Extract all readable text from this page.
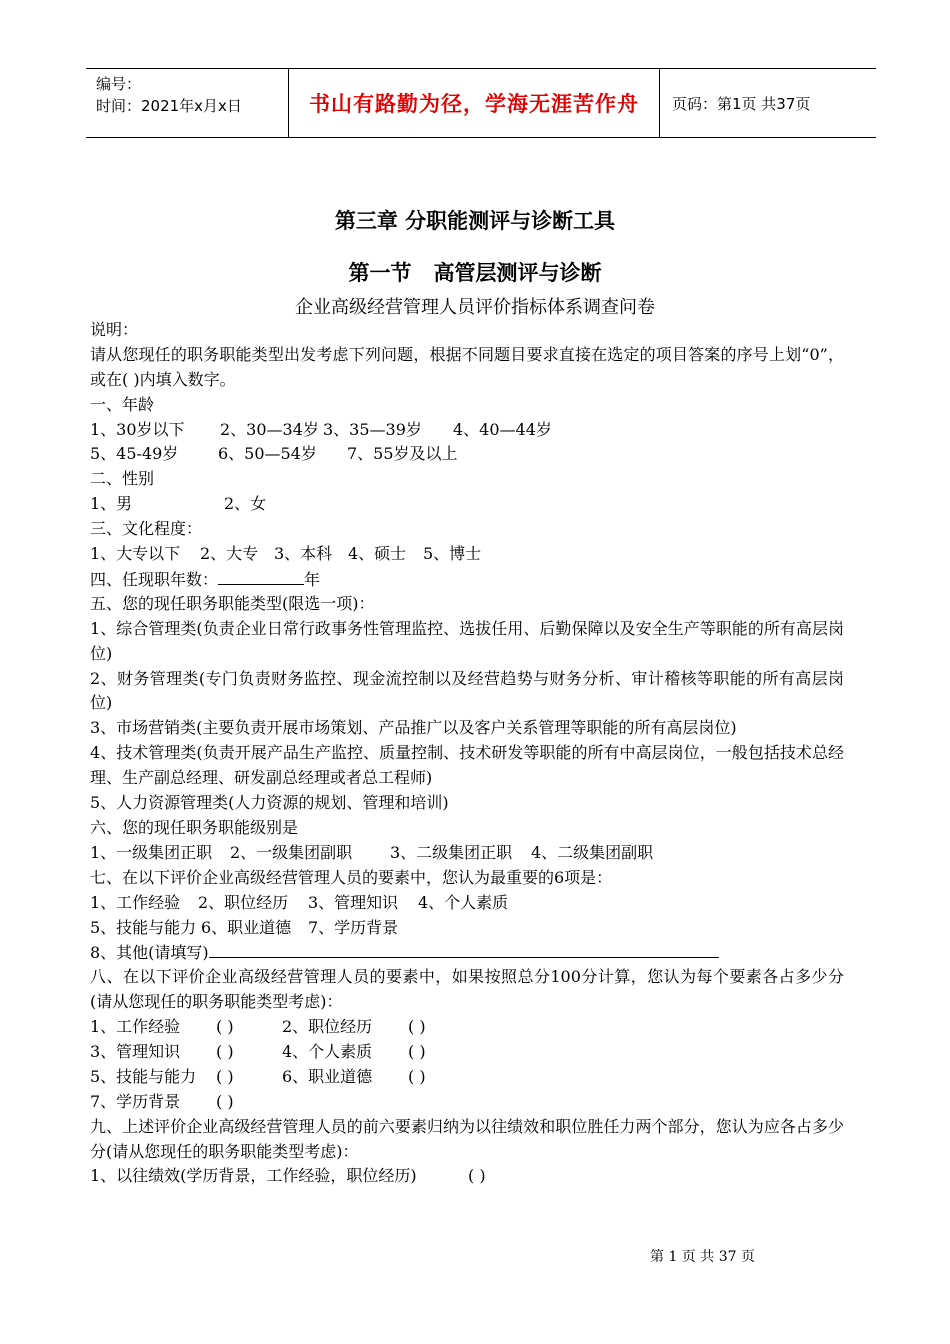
编号：
时间：2021年x月x日	书山有路勤为径，学海无涯苦作舟	页码：第1页 共37页
第三章 分职能测评与诊断工具
第一节 高管层测评与诊断
企业高级经营管理人员评价指标体系调查问卷
说明：
请从您现任的职务职能类型出发考虑下列问题，根据不同题目要求直接在选定的项目答案的序号上划“0”，或在( )内填入数字。
一、年龄
1、30岁以下 2、30—34岁 3、35—39岁 4、40—44岁
5、45-49岁 6、50—54岁 7、55岁及以上
二、性别
1、男	2、女
三、文化程度：
1、大专以下 2、大专 3、本科 4、硕士 5、博士
四、任现职年数：	年
五、您的现任职务职能类型(限选一项)：
1、综合管理类(负责企业日常行政事务性管理监控、选拔任用、后勤保障以及安全生产等职能的所有高层岗位)
2、财务管理类(专门负责财务监控、现金流控制以及经营趋势与财务分析、审计稽核等职能的所有高层岗位)
3、市场营销类(主要负责开展市场策划、产品推广以及客户关系管理等职能的所有高层岗位)
4、技术管理类(负责开展产品生产监控、质量控制、技术研发等职能的所有中高层岗位，一般包括技术总经理、生产副总经理、研发副总经理或者总工程师)
5、人力资源管理类(人力资源的规划、管理和培训)
六、您的现任职务职能级别是
1、一级集团正职 2、一级集团副职 3、二级集团正职 4、二级集团副职
七、在以下评价企业高级经营管理人员的要素中，您认为最重要的6项是：
1、工作经验 2、职位经历 3、管理知识 4、个人素质
5、技能与能力 6、职业道德 7、学历背景
8、其他(请填写)
八、在以下评价企业高级经营管理人员的要素中，如果按照总分100分计算，您认为每个要素各占多少分(请从您现任的职务职能类型考虑)：
1、工作经验 ( )	2、职位经历 ( )
3、管理知识 ( )	4、个人素质 ( )
5、技能与能力 ( )	6、职业道德 ( )
7、学历背景 ( )
九、上述评价企业高级经营管理人员的前六要素归纳为以往绩效和职位胜任力两个部分，您认为应各占多少分(请从您现任的职务职能类型考虑)：
1、以往绩效(学历背景，工作经验，职位经历)	( )
第 1 页 共 37 页
